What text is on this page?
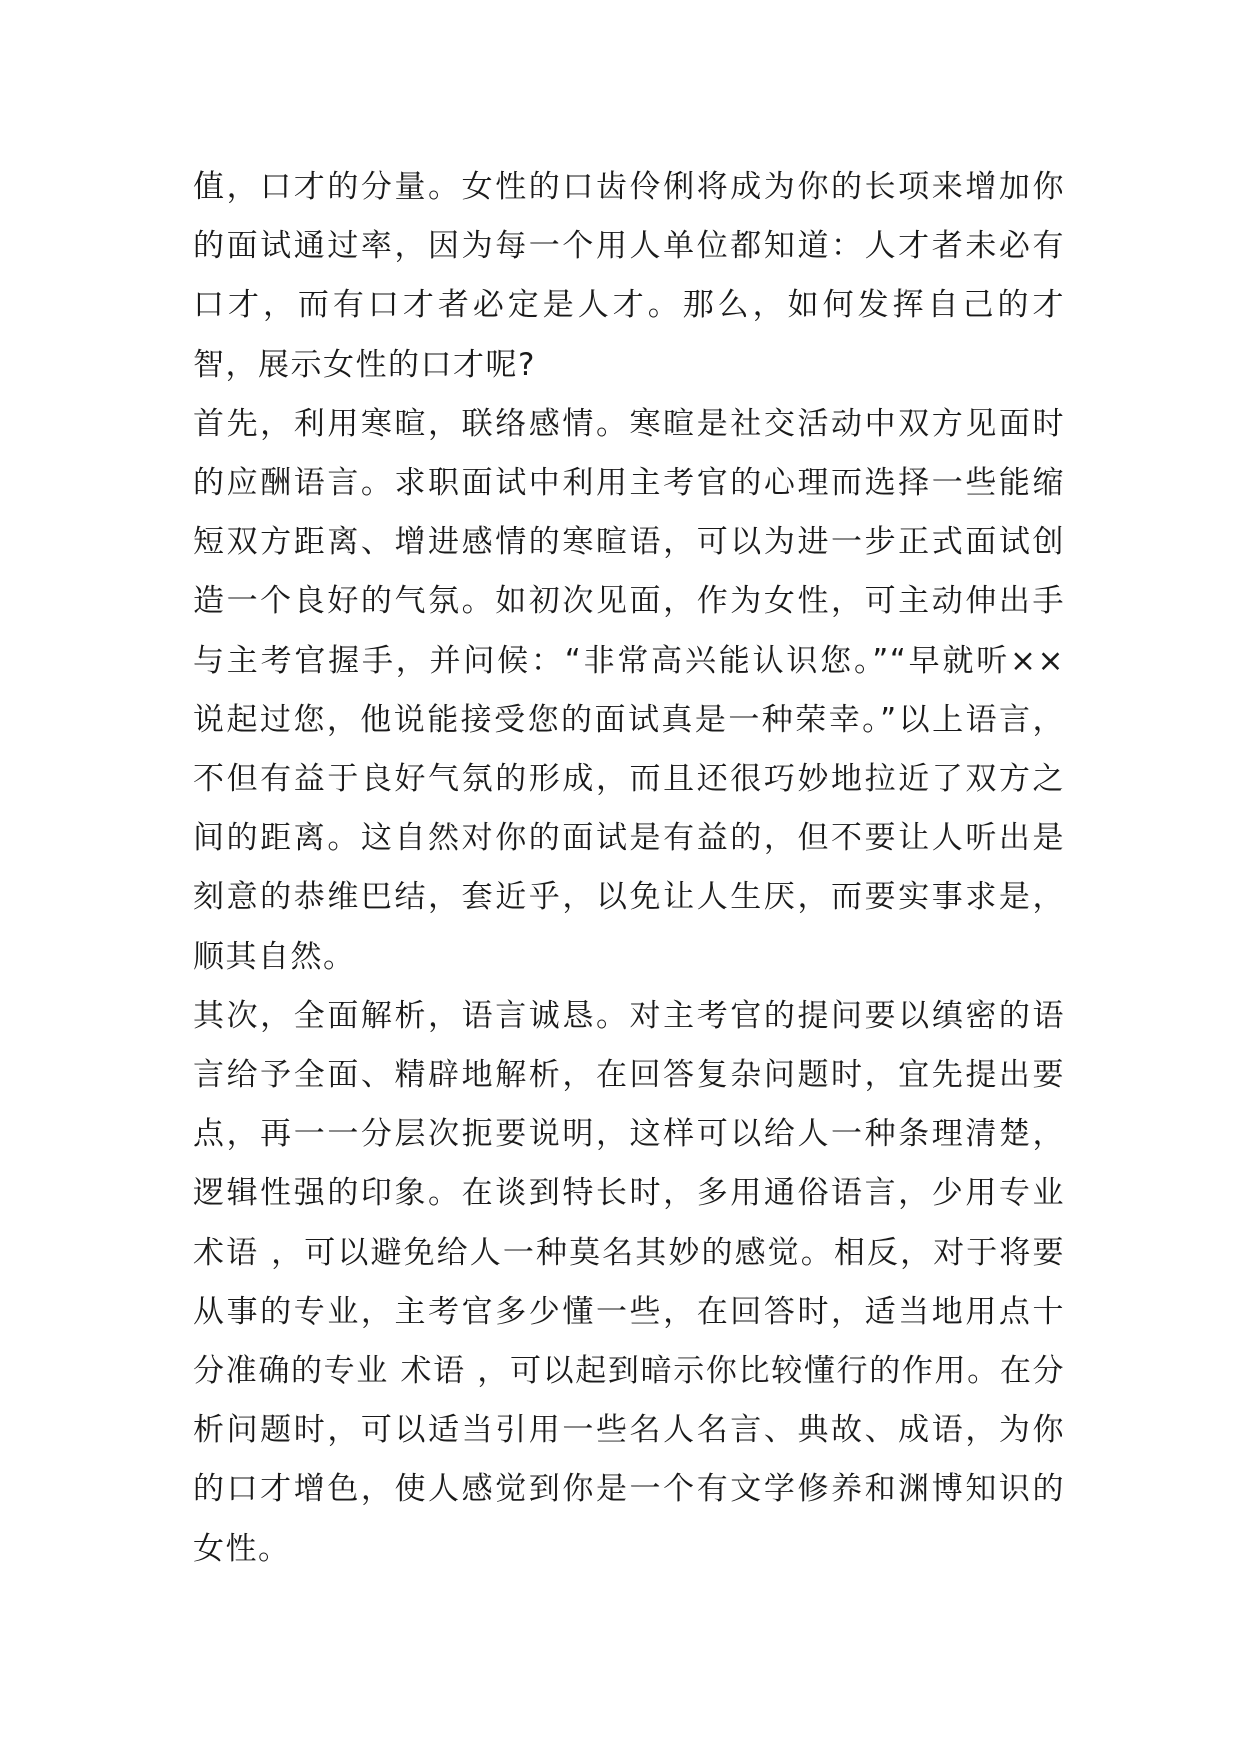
值，口才的分量。女性的口齿伶俐将成为你的长项来增加你的面试通过率，因为每一个用人单位都知道：人才者未必有口才，而有口才者必定是人才。那么，如何发挥自己的才智，展示女性的口才呢?

首先，利用寒暄，联络感情。寒暄是社交活动中双方见面时的应酬语言。求职面试中利用主考官的心理而选择一些能缩短双方距离、增进感情的寒暄语，可以为进一步正式面试创造一个良好的气氛。如初次见面，作为女性，可主动伸出手与主考官握手，并问候：“非常高兴能认识您。”“早就听××说起过您，他说能接受您的面试真是一种荣幸。”以上语言，不但有益于良好气氛的形成，而且还很巧妙地拉近了双方之间的距离。这自然对你的面试是有益的，但不要让人听出是刻意的恭维巴结，套近乎，以免让人生厌，而要实事求是，顺其自然。

其次，全面解析，语言诚恳。对主考官的提问要以缜密的语言给予全面、精辟地解析，在回答复杂问题时，宜先提出要点，再一一分层次扼要说明，这样可以给人一种条理清楚，逻辑性强的印象。在谈到特长时，多用通俗语言，少用专业 术语 ，可以避免给人一种莫名其妙的感觉。相反，对于将要从事的专业，主考官多少懂一些，在回答时，适当地用点十分准确的专业 术语 ，可以起到暗示你比较懂行的作用。在分析问题时，可以适当引用一些名人名言、典故、成语，为你的口才增色，使人感觉到你是一个有文学修养和渊博知识的女性。
